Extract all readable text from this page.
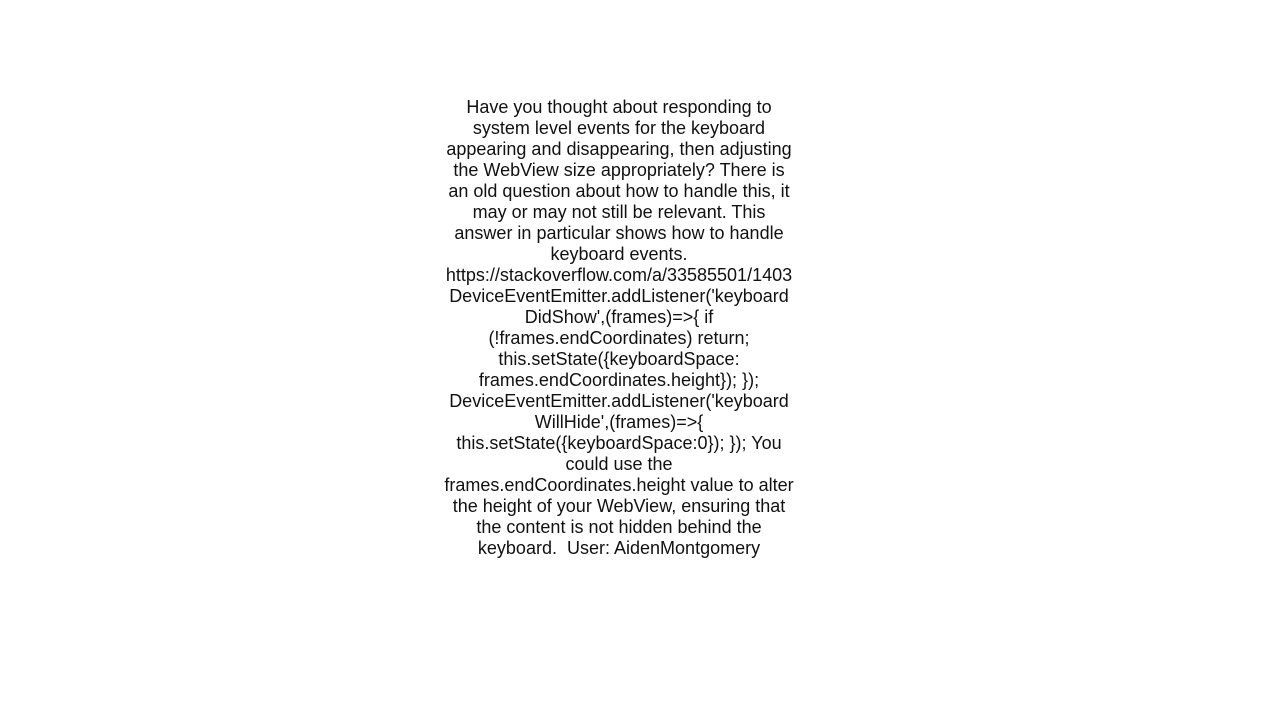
Have you thought about responding to system level events for the keyboard appearing and disappearing, then adjusting the WebView size appropriately? There is an old question about how to handle this, it may or may not still be relevant. This answer in particular shows how to handle keyboard events. https://stackoverflow.com/a/33585501/1403 DeviceEventEmitter.addListener('keyboardDidShow',(frames)=>{ if (!frames.endCoordinates) return; this.setState({keyboardSpace: frames.endCoordinates.height}); }); DeviceEventEmitter.addListener('keyboardWillHide',(frames)=>{ this.setState({keyboardSpace:0}); }); You could use the frames.endCoordinates.height value to alter the height of your WebView, ensuring that the content is not hidden behind the keyboard. User: AidenMontgomery
